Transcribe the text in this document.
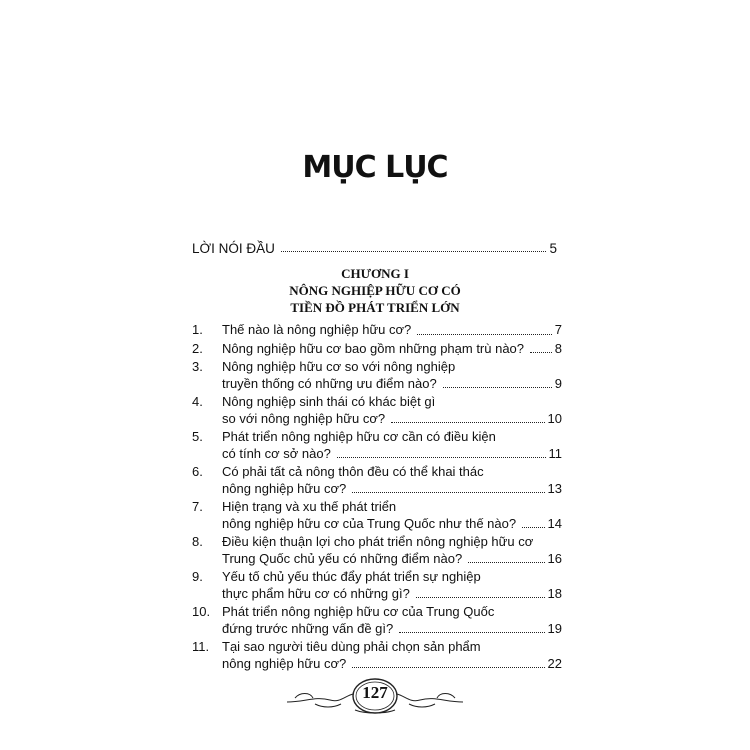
MỤC LỤC
LỜI NÓI ĐẦU	5
CHƯƠNG I
NÔNG NGHIỆP HỮU CƠ CÓ
TIỀN ĐỒ PHÁT TRIỂN LỚN
1.	Thế nào là nông nghiệp hữu cơ?	7
2.	Nông nghiệp hữu cơ bao gồm những phạm trù nào? 8
3.	Nông nghiệp hữu cơ so với nông nghiệp
truyền thống có những ưu điểm nào?	9
4.	Nông nghiệp sinh thái có khác biệt gì
so với nông nghiệp hữu cơ?	10
5.	Phát triển nông nghiệp hữu cơ cần có điều kiện
có tính cơ sở nào?	11
6.	Có phải tất cả nông thôn đều có thể khai thác
nông nghiệp hữu cơ?	13
7.	Hiện trạng và xu thế phát triển
nông nghiệp hữu cơ của Trung Quốc như thế nào? 14
8.	Điều kiện thuận lợi cho phát triển nông nghiệp hữu cơ
Trung Quốc chủ yếu có những điểm nào?	16
9.	Yếu tố chủ yếu thúc đẩy phát triển sự nghiệp
thực phẩm hữu cơ có những gì?	18
10. Phát triển nông nghiệp hữu cơ của Trung Quốc
đứng trước những vấn đề gì?	19
11. Tại sao người tiêu dùng phải chọn sản phẩm
nông nghiệp hữu cơ?	22
127
